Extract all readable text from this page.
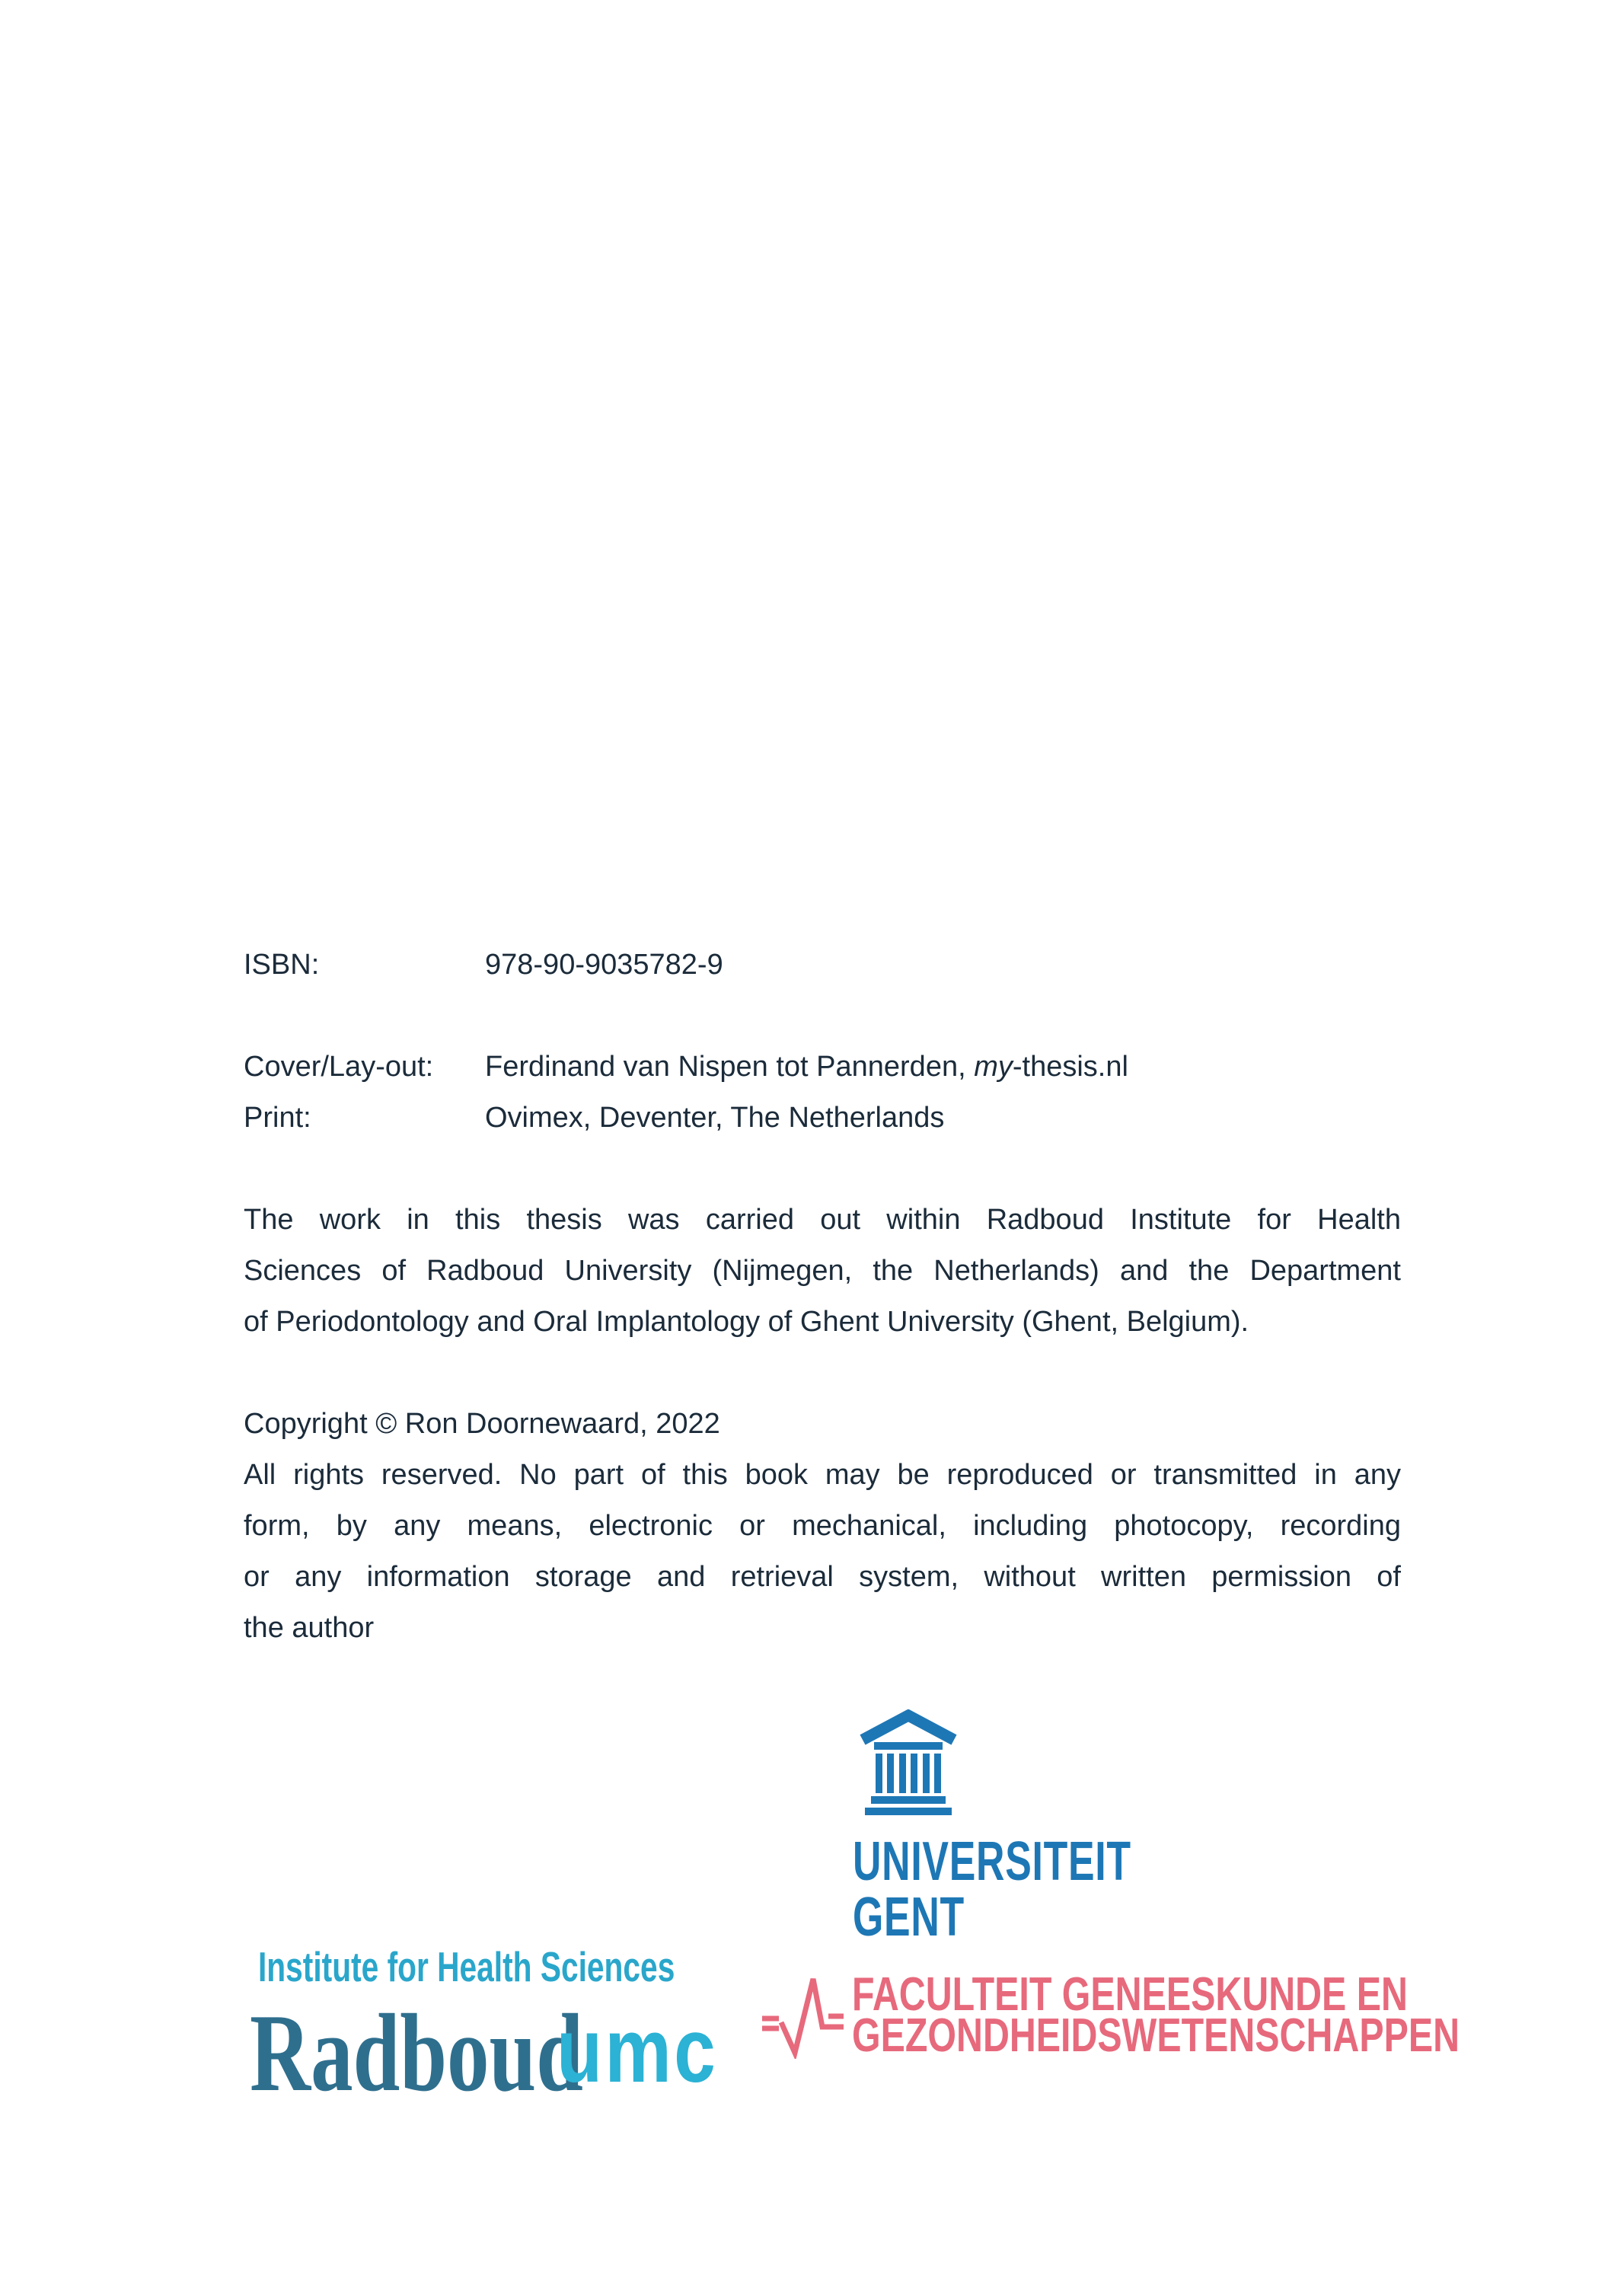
ISBN:	978-90-9035782-9
Cover/Lay-out:	Ferdinand van Nispen tot Pannerden, my-thesis.nl
Print:	Ovimex, Deventer, The Netherlands
The work in this thesis was carried out within Radboud Institute for Health
Sciences of Radboud University (Nijmegen, the Netherlands) and the Department
of Periodontology and Oral Implantology of Ghent University (Ghent, Belgium).
Copyright © Ron Doornewaard, 2022
All rights reserved. No part of this book may be reproduced or transmitted in any
form, by any means, electronic or mechanical, including photocopy, recording
or any information storage and retrieval system, without written permission of
the author
UNIVERSITEIT
GENT
FACULTEIT GENEESKUNDE EN
GEZONDHEIDSWETENSCHAPPEN
Institute for Health Sciences
Radboud
umc
